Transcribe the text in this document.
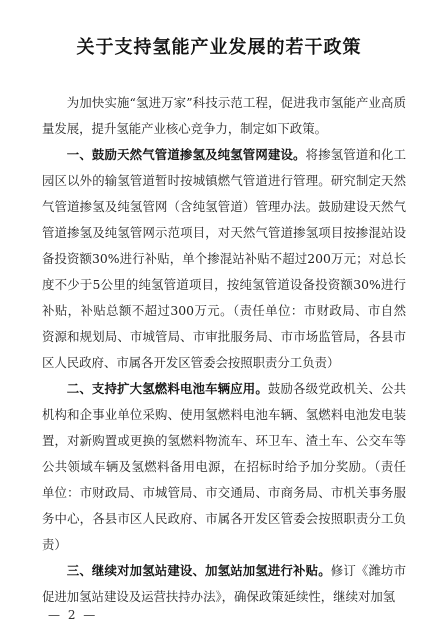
关于支持氢能产业发展的若干政策

为加快实施“氢进万家”科技示范工程，促进我市氢能产业高质量发展，提升氢能产业核心竞争力，制定如下政策。

一、鼓励天然气管道掺氢及纯氢管网建设。将掺氢管道和化工园区以外的输氢管道暂时按城镇燃气管道进行管理。研究制定天然气管道掺氢及纯氢管网（含纯氢管道）管理办法。鼓励建设天然气管道掺氢及纯氢管网示范项目，对天然气管道掺氢项目按掺混站设备投资额30%进行补贴，单个掺混站补贴不超过200万元；对总长度不少于5公里的纯氢管道项目，按纯氢管道设备投资额30%进行补贴，补贴总额不超过300万元。（责任单位：市财政局、市自然资源和规划局、市城管局、市审批服务局、市市场监管局，各县市区人民政府、市属各开发区管委会按照职责分工负责）

二、支持扩大氢燃料电池车辆应用。鼓励各级党政机关、公共机构和企事业单位采购、使用氢燃料电池车辆、氢燃料电池发电装置，对新购置或更换的氢燃料物流车、环卫车、渣土车、公交车等公共领域车辆及氢燃料备用电源，在招标时给予加分奖励。（责任单位：市财政局、市城管局、市交通局、市商务局、市机关事务服务中心，各县市区人民政府、市属各开发区管委会按照职责分工负责）

三、继续对加氢站建设、加氢站加氢进行补贴。修订《潍坊市促进加氢站建设及运营扶持办法》，确保政策延续性，继续对加氢

— 2 —
